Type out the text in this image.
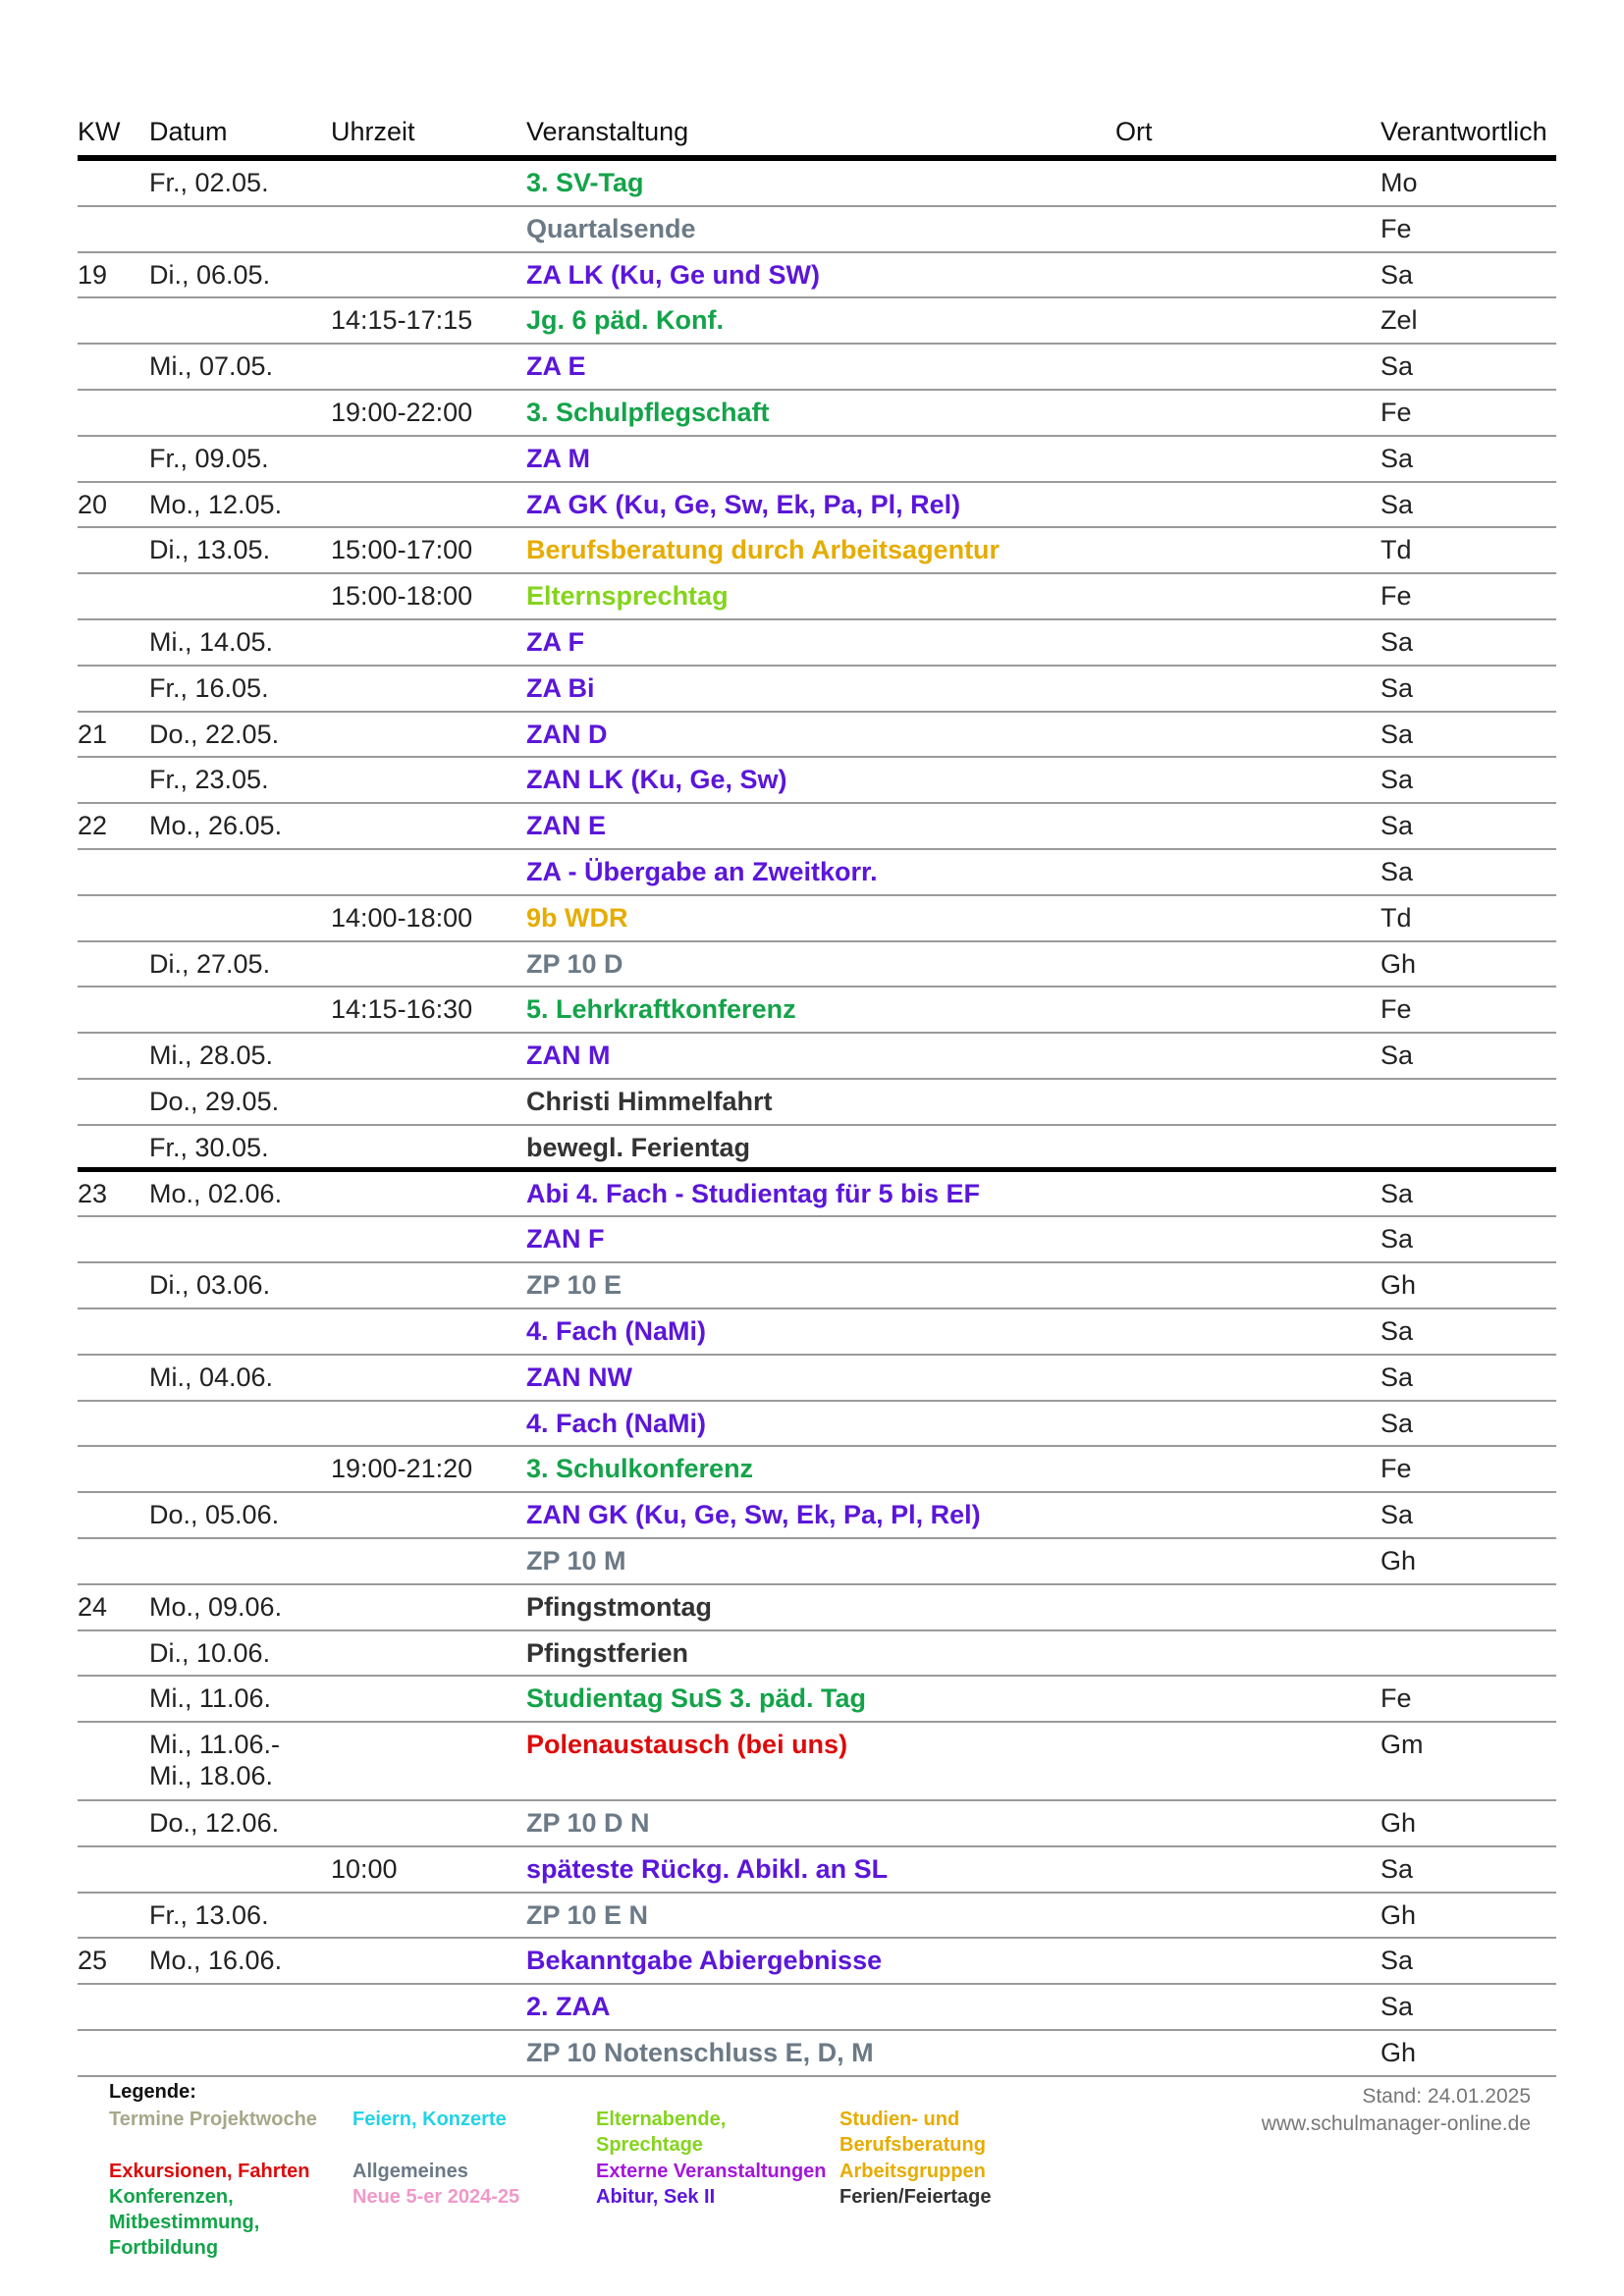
KW Datum	Uhrzeit	Veranstaltung	Ort	Verantwortlich
Fr., 02.05.	3. SV-Tag	Mo
Quartalsende	Fe
19 Di., 06.05.	ZA LK (Ku, Ge und SW)	Sa
14:15-17:15 Jg. 6 päd. Konf.	Zel
Mi., 07.05.	ZA E	Sa
19:00-22:00 3. Schulpflegschaft	Fe
Fr., 09.05.	ZA M	Sa
20 Mo., 12.05.	ZA GK (Ku, Ge, Sw, Ek, Pa, Pl, Rel)	Sa
Di., 13.05. 15:00-17:00 Berufsberatung durch Arbeitsagentur	Td
15:00-18:00 Elternsprechtag	Fe
Mi., 14.05.	ZA F	Sa
Fr., 16.05.	ZA Bi	Sa
21 Do., 22.05.	ZAN D	Sa
Fr., 23.05.	ZAN LK (Ku, Ge, Sw)	Sa
22 Mo., 26.05.	ZAN E	Sa
ZA - Übergabe an Zweitkorr.	Sa
14:00-18:00 9b WDR	Td
Di., 27.05.	ZP 10 D	Gh
14:15-16:30 5. Lehrkraftkonferenz	Fe
Mi., 28.05.	ZAN M	Sa
Do., 29.05.	Christi Himmelfahrt
Fr., 30.05.	bewegl. Ferientag
23 Mo., 02.06.	Abi 4. Fach - Studientag für 5 bis EF	Sa
ZAN F	Sa
Di., 03.06.	ZP 10 E	Gh
4. Fach (NaMi)	Sa
Mi., 04.06.	ZAN NW	Sa
4. Fach (NaMi)	Sa
19:00-21:20 3. Schulkonferenz	Fe
Do., 05.06.	ZAN GK (Ku, Ge, Sw, Ek, Pa, Pl, Rel)	Sa
ZP 10 M	Gh
24 Mo., 09.06.	Pfingstmontag
Di., 10.06.	Pfingstferien
Mi., 11.06.	Studientag SuS 3. päd. Tag	Fe
Mi., 11.06.-
Mi., 18.06.
Polenaustausch (bei uns)	Gm
Do., 12.06.	ZP 10 D N	Gh
10:00	späteste Rückg. Abikl. an SL	Sa
Fr., 13.06.	ZP 10 E N	Gh
25 Mo., 16.06.	Bekanntgabe Abiergebnisse	Sa
2. ZAA	Sa
ZP 10 Notenschluss E, D, M	Gh
Legende:
Termine Projektwoche Feiern, Konzerte	Elternabende,
Sprechtage
Studien- und
Berufsberatung
Exkursionen, Fahrten Allgemeines	Externe Veranstaltungen Arbeitsgruppen
Konferenzen,
Mitbestimmung,
Fortbildung
Neue 5-er 2024-25	Abitur, Sek II	Ferien/Feiertage
Stand: 24.01.2025
www.schulmanager-online.de
